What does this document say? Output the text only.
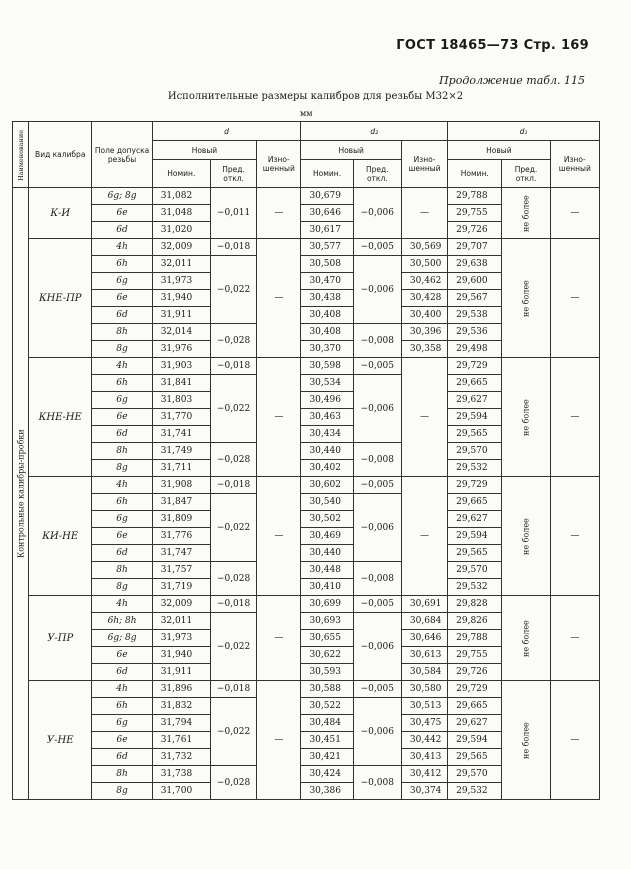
ГОСТ 18465—73 Стр. 169
Продолжение табл. 115
Исполнительные размеры калибров для резьбы М32×2
мм
Наименование	Вид калибра	Поле допуска резьбы	d			d₂			d₁		
			Новый		Изно-шенный	Новый		Изно-шенный	Новый		Изно-шенный
			Номин.	Пред. откл.		Номин.	Пред. откл.		Номин.	Пред. откл.	
Контрольные калибры-пробки	К-И	6g; 8g	31,082	−0,011	—	30,679	−0,006	—	29,788	не более	—
		6e	31,048			30,646			29,755		
		6d	31,020			30,617			29,726		
	КНЕ-ПР	4h	32,009	−0,018	—	30,577	−0,005	30,569	29,707	не более	—
		6h	32,011	−0,022		30,508	−0,006	30,500	29,638		
		6g	31,973			30,470		30,462	29,600		
		6e	31,940			30,438		30,428	29,567		
		6d	31,911			30,408		30,400	29,538		
		8h	32,014	−0,028		30,408	−0,008	30,396	29,536		
		8g	31,976			30,370		30,358	29,498		
	КНЕ-НЕ	4h	31,903	−0,018	—	30,598	−0,005	—	29,729	не более	—
		6h	31,841	−0,022		30,534	−0,006		29,665		
		6g	31,803			30,496			29,627		
		6e	31,770			30,463			29,594		
		6d	31,741			30,434			29,565		
		8h	31,749	−0,028		30,440	−0,008		29,570		
		8g	31,711			30,402			29,532		
	КИ-НЕ	4h	31,908	−0,018	—	30,602	−0,005	—	29,729	не более	—
		6h	31,847	−0,022		30,540	−0,006		29,665		
		6g	31,809			30,502			29,627		
		6e	31,776			30,469			29,594		
		6d	31,747			30,440			29,565		
		8h	31,757	−0,028		30,448	−0,008		29,570		
		8g	31,719			30,410			29,532		
	У-ПР	4h	32,009	−0,018	—	30,699	−0,005	30,691	29,828	не более	—
		6h; 8h	32,011	−0,022		30,693	−0,006	30,684	29,826		
		6g; 8g	31,973			30,655		30,646	29,788		
		6e	31,940			30,622		30,613	29,755		
		6d	31,911			30,593		30,584	29,726		
	У-НЕ	4h	31,896	−0,018	—	30,588	−0,005	30,580	29,729	не более	—
		6h	31,832	−0,022		30,522	−0,006	30,513	29,665		
		6g	31,794			30,484		30,475	29,627		
		6e	31,761			30,451		30,442	29,594		
		6d	31,732			30,421		30,413	29,565		
		8h	31,738	−0,028		30,424	−0,008	30,412	29,570		
		8g	31,700			30,386		30,374	29,532		
